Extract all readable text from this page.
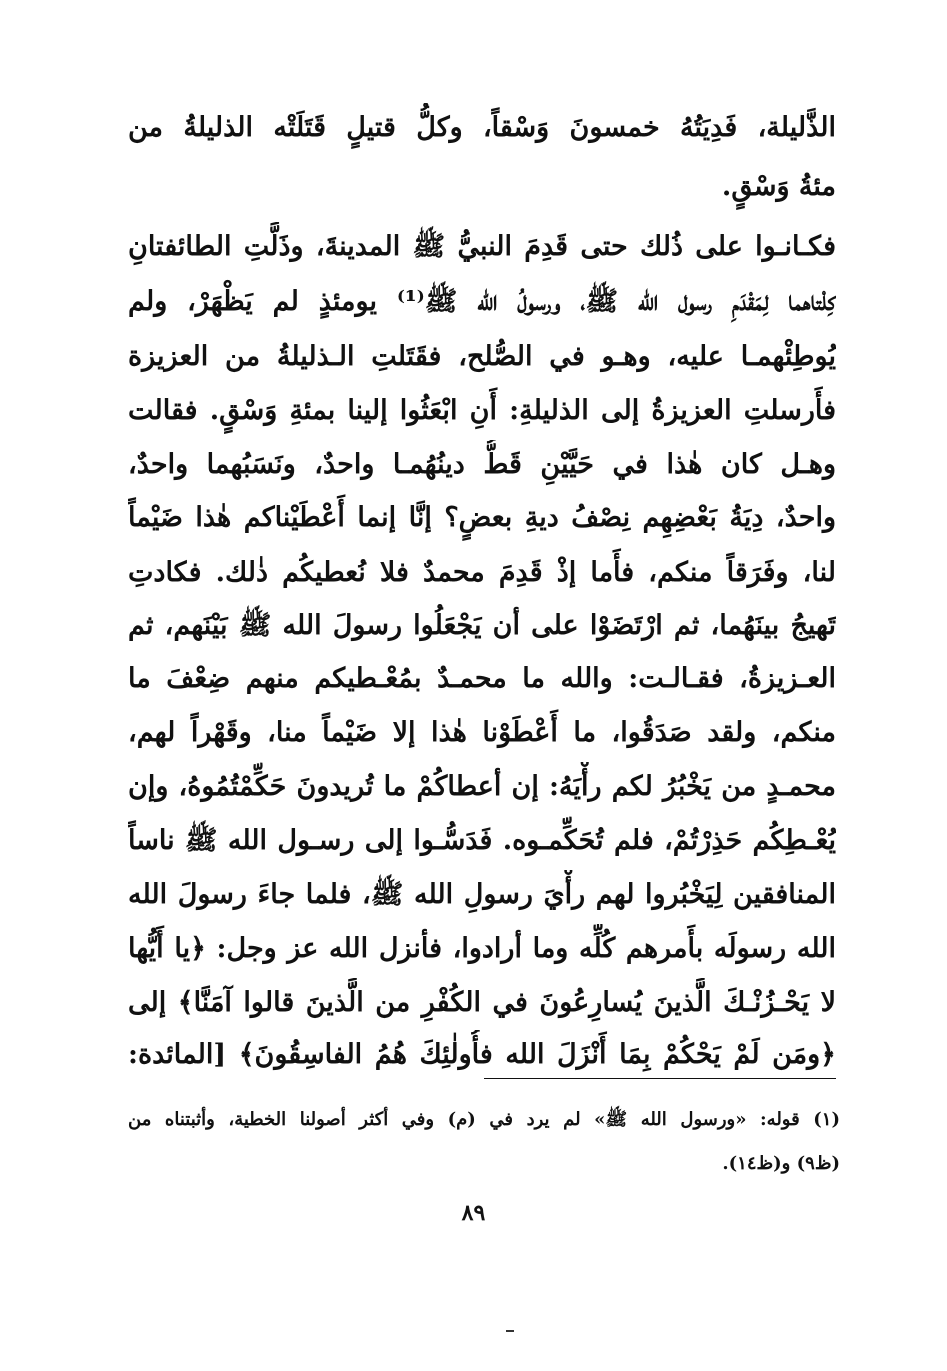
الذَّليلة، فَدِيَتُهُ خمسونَ وَسْقاً، وكلُّ قتيلٍ قَتَلَتْه الذليلةُ من
مئةُ وَسْقٍ.
فكـانـوا على ذُلك حتى قَدِمَ النبيُّ ﷺ المدينةَ، وذَلَّتِ الطائفتانِ
كِلْتاهما لِمَقْدَمِ رسول الله ﷺ، ورسولُ الله ﷺ⁽¹⁾ يومئذٍ لم يَظْهَرْ، ولم
يُوطِئْهمـا عليه، وهـو في الصُّلح، فقَتَلتِ الـذليلةُ من العزيزة
فأَرسلتِ العزيزةُ إلى الذليلةِ: أَنِ ابْعَثُوا إلينا بمئةِ وَسْقٍ. فقالت
وهـل كان هٰذا في حَيَّيْنِ قَطُّ دينُهُمـا واحدٌ، ونَسَبُهما واحدٌ،
واحدٌ، دِيَةُ بَعْضِهِم نِصْفُ ديةِ بعضٍ؟ إنَّا إنما أَعْطَيْناكم هٰذا ضَيْماً
لنا، وفَرَقاً منكم، فأَما إذْ قَدِمَ محمدٌ فلا نُعطيكُم ذٰلك. فكادتِ
تَهيجُ بينَهُما، ثم ارْتَضَوْا على أن يَجْعَلُوا رسولَ الله ﷺ بَيْنَهم، ثم
العـزيزةُ، فقـالـت: والله ما محمـدٌ بمُعْـطيكم منهم ضِعْفَ ما
منكم، ولقد صَدَقُوا، ما أَعْطَوْنا هٰذا إلا ضَيْماً منا، وقَهْراً لهم،
محمـدٍ من يَخْبُرُ لكم رأْيَهُ: إن أعطاكُمْ ما تُريدونَ حَكِّمْتُمُوهُ، وإن
يُعْـطِكُم حَذِرْتُمْ، فلم تُحَكِّمـوه. فَدَسُّـوا إلى رسـول الله ﷺ ناساً
المنافقين لِيَخْبُروا لهم رأْيَ رسولِ الله ﷺ، فلما جاءَ رسولَ الله
الله رسولَه بأَمرهم كُلِّه وما أرادوا، فأنزل الله عز وجل: ﴿يا أَيُّها
لا يَحْـزُنْـكَ الَّذينَ يُسارِعُونَ في الكُفْرِ من الَّذينَ قالوا آمَنَّا﴾ إلى
﴿ومَن لَمْ يَحْكُمْ بِمَا أَنْزَلَ الله فأُولٰئِكَ هُمُ الفاسِقُونَ﴾ [المائدة:
(١) قوله: «ورسول الله ﷺ» لم يرد في (م) وفي أكثر أصولنا الخطية، وأثبتناه من
(ظ٩) و(ظ١٤).
٨٩
